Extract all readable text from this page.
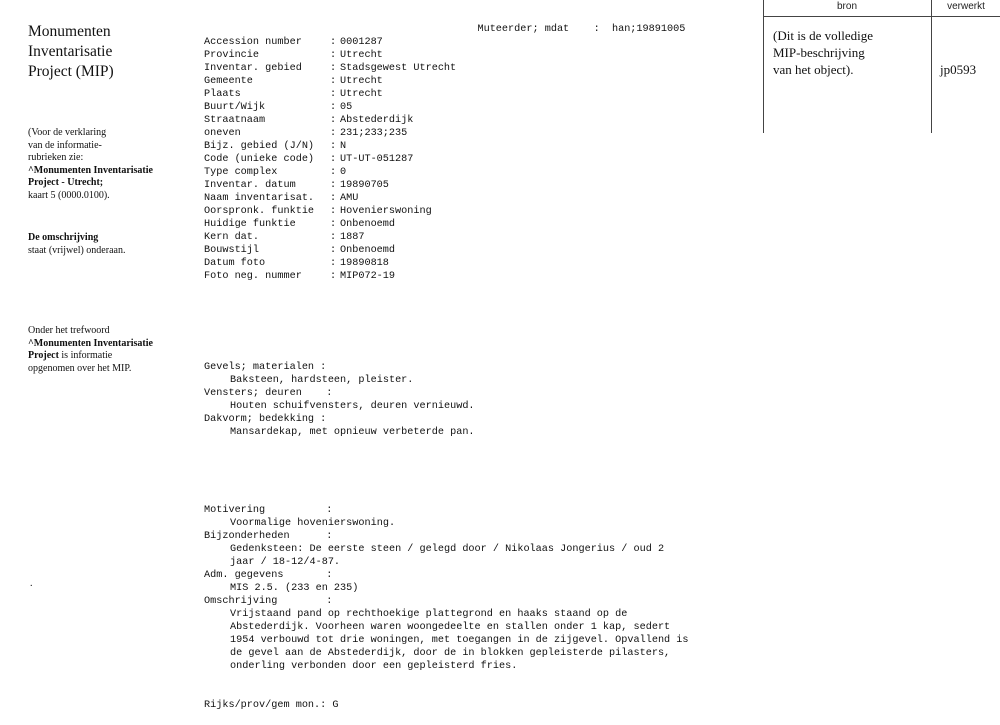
Monumenten
Inventarisatie
Project (MIP)
(Voor de verklaring
van de informatie-
rubrieken zie:
^Monumenten Inventarisatie
Project - Utrecht;
kaart 5 (0000.0100).
De omschrijving
staat (vrijwel) onderaan.
Onder het trefwoord
^Monumenten Inventarisatie
Project is informatie
opgenomen over het MIP.
.

Accession number	: 0001287
Provincie	: Utrecht
Inventar. gebied	: Stadsgewest Utrecht
Gemeente	: Utrecht
Plaats	: Utrecht
Buurt/Wijk	: 05
Straatnaam	: Abstederdijk
oneven	: 231;233;235
Bijz. gebied (J/N)	: N
Code (unieke code)	: UT-UT-051287
Type complex	: 0
Inventar. datum	: 19890705
Naam inventarisat.	: AMU
Oorspronk. funktie	: Hovenierswoning
Huidige funktie	: Onbenoemd
Kern dat.	: 1887
Bouwstijl	: Onbenoemd
Datum foto	: 19890818
Foto neg. nummer	: MIP072-19

Muteerder; mdat    :  han;19891005

Gevels; materialen :
Baksteen, hardsteen, pleister.
Vensters; deuren    :
Houten schuifvensters, deuren vernieuwd.
Dakvorm; bedekking :
Mansardekap, met opnieuw verbeterde pan.

Motivering          :
Voormalige hovenierswoning.
Bijzonderheden      :
Gedenksteen: De eerste steen / gelegd door / Nikolaas Jongerius / oud 2
jaar / 18-12/4-87.
Adm. gegevens       :
MIS 2.5. (233 en 235)
Omschrijving        :
Vrijstaand pand op rechthoekige plattegrond en haaks staand op de
Abstederdijk. Voorheen waren woongedeelte en stallen onder 1 kap, sedert
1954 verbouwd tot drie woningen, met toegangen in de zijgevel. Opvallend is
de gevel aan de Abstederdijk, door de in blokken gepleisterde pilasters,
onderling verbonden door een gepleisterd fries.

Rijks/prov/gem mon.: G

bron	verwerkt
(Dit is de volledige
MIP-beschrijving
van het object).	jp0593
